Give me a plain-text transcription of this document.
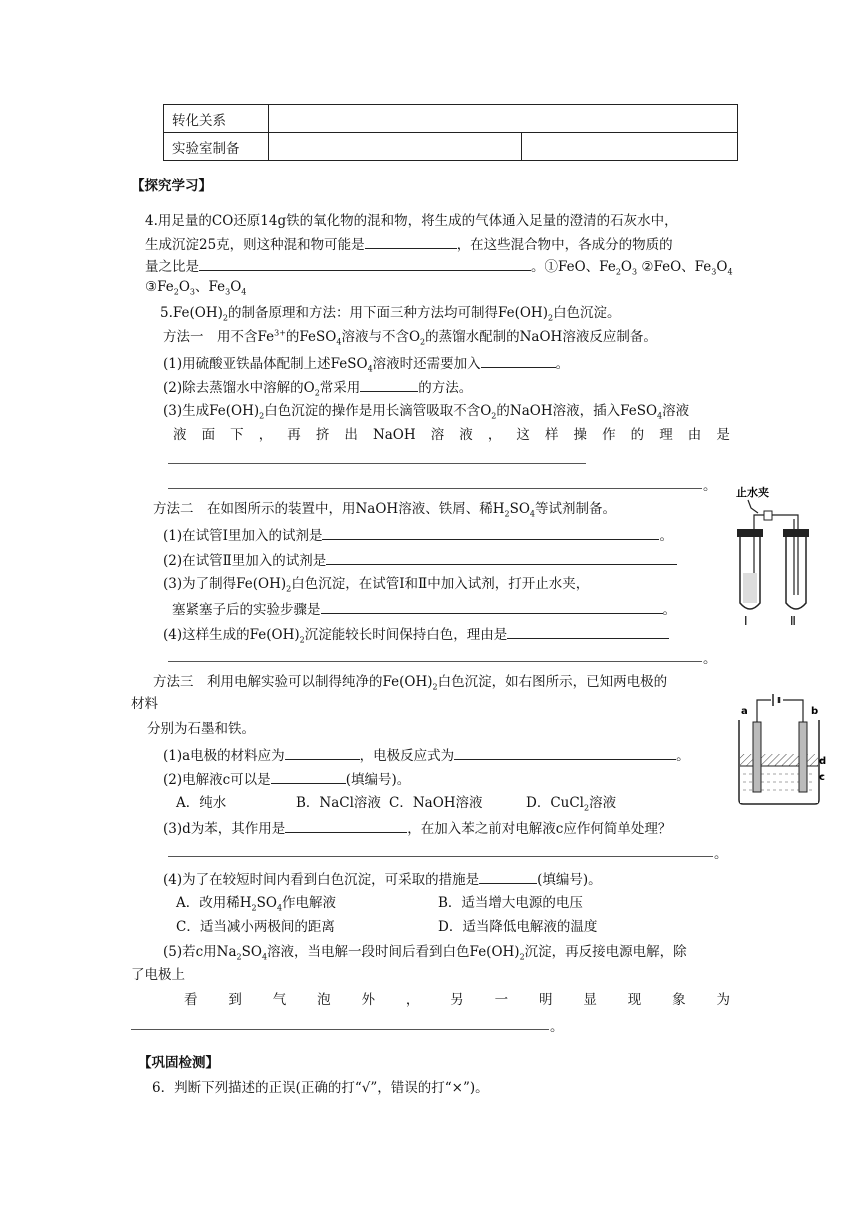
转化关系		
实验室制备		
【探究学习】
4.用足量的CO还原14g铁的氧化物的混和物，将生成的气体通入足量的澄清的石灰水中，
生成沉淀25克，则这种混和物可能是	，在这些混合物中，各成分的物质的
量之比是	。①FeO、$Fe_2O_3$ ②FeO、$Fe_3O_4$
$③Fe_2O_3$、$Fe_3O_4$
$5.Fe(OH)_2$的制备原理和方法：用下面三种方法均可制得$Fe(OH)_2$白色沉淀。
方法一　用不含$Fe^{3+}$的FeSO$_4$溶液与不含$O_2$的蒸馏水配制的NaOH溶液反应制备。
(1)用硫酸亚铁晶体配制上述FeSO$_4$溶液时还需要加入	。
(2)除去蒸馏水中溶解的$O_2$常采用	的方法。
(3)生成$Fe(OH)_2$白色沉淀的操作是用长滴管吸取不含$O_2$的NaOH溶液，插入FeSO$_4$溶液
液 面 下 ， 再 挤 出 NaOH 溶 液 ， 这 样 操 作 的 理 由 是
。
方法二　在如图所示的装置中，用NaOH溶液、铁屑、稀$H_2SO_4$等试剂制备。
(1)在试管Ⅰ里加入的试剂是	。
(2)在试管Ⅱ里加入的试剂是
(3)为了制得$Fe(OH)_2$白色沉淀，在试管Ⅰ和Ⅱ中加入试剂，打开止水夹，
塞紧塞子后的实验步骤是	。
(4)这样生成的$Fe(OH)_2$沉淀能较长时间保持白色，理由是
。
止水夹
Ⅰ	Ⅱ
方法三　利用电解实验可以制得纯净的$Fe(OH)_2$白色沉淀，如右图所示，已知两电极的
材料
分别为石墨和铁。
(1)a电极的材料应为	，电极反应式为	。
(2)电解液c可以是	(填编号)。
A．纯水	B．NaCl溶液 C．NaOH溶液	D．CuCl$_2$溶液
(3)d为苯，其作用是	，在加入苯之前对电解液c应作何简单处理？
。
(4)为了在较短时间内看到白色沉淀，可采取的措施是	(填编号)。
A．改用稀$H_2SO_4$作电解液	B．适当增大电源的电压
C．适当减小两极间的距离	D．适当降低电解液的温度
(5)若c用$Na_2SO_4$溶液，当电解一段时间后看到白色$Fe(OH)_2$沉淀，再反接电源电解，除
了电极上
看 到 气 泡 外 ， 另 一 明 显 现 象 为
。
a	b
d
c
【巩固检测】
6．判断下列描述的正误(正确的打“√”，错误的打“×”)。
